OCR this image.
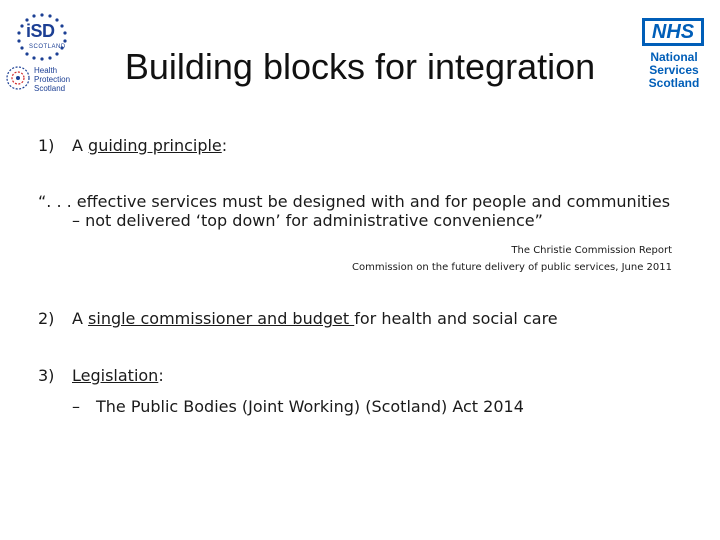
iSD
SCOTLAND
Health
Protection
Scotland
NHS
National
Services
Scotland
Building blocks for integration
1) A guiding principle:
“. . . effective services must be designed with and for people and communities
– not delivered ‘top down’ for administrative convenience”
The Christie Commission Report
Commission on the future delivery of public services, June 2011
2) A single commissioner and budget for health and social care
3) Legislation:
– The Public Bodies (Joint Working) (Scotland) Act 2014
